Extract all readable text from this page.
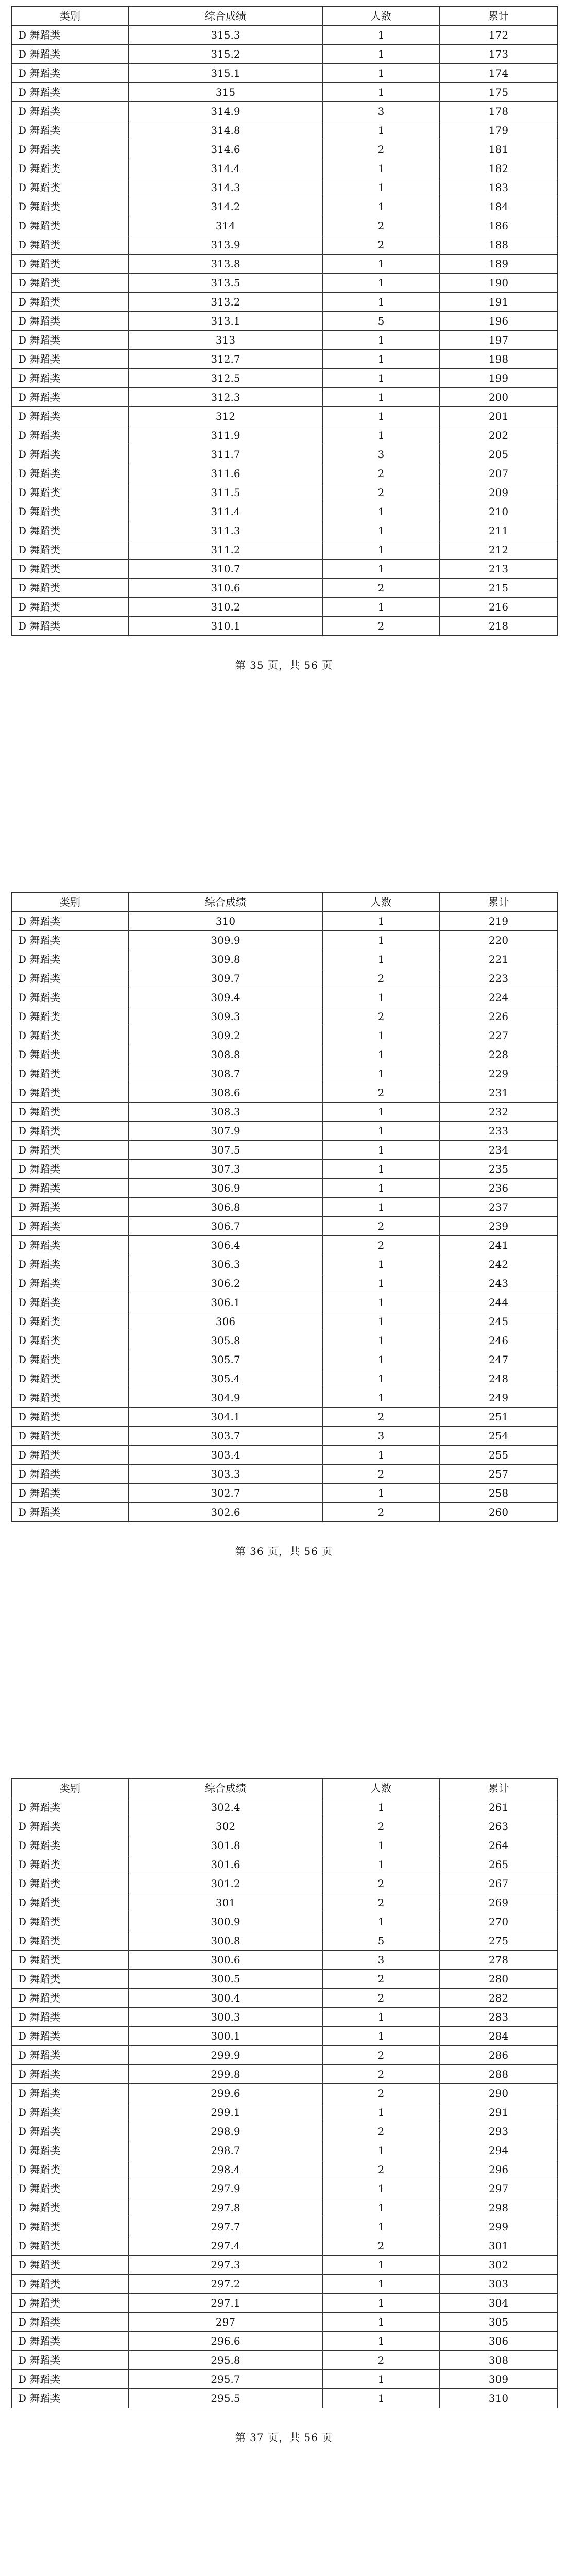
类别	综合成绩	人数	累计
D 舞蹈类	315.3	1	172
D 舞蹈类	315.2	1	173
D 舞蹈类	315.1	1	174
D 舞蹈类	315	1	175
D 舞蹈类	314.9	3	178
D 舞蹈类	314.8	1	179
D 舞蹈类	314.6	2	181
D 舞蹈类	314.4	1	182
D 舞蹈类	314.3	1	183
D 舞蹈类	314.2	1	184
D 舞蹈类	314	2	186
D 舞蹈类	313.9	2	188
D 舞蹈类	313.8	1	189
D 舞蹈类	313.5	1	190
D 舞蹈类	313.2	1	191
D 舞蹈类	313.1	5	196
D 舞蹈类	313	1	197
D 舞蹈类	312.7	1	198
D 舞蹈类	312.5	1	199
D 舞蹈类	312.3	1	200
D 舞蹈类	312	1	201
D 舞蹈类	311.9	1	202
D 舞蹈类	311.7	3	205
D 舞蹈类	311.6	2	207
D 舞蹈类	311.5	2	209
D 舞蹈类	311.4	1	210
D 舞蹈类	311.3	1	211
D 舞蹈类	311.2	1	212
D 舞蹈类	310.7	1	213
D 舞蹈类	310.6	2	215
D 舞蹈类	310.2	1	216
D 舞蹈类	310.1	2	218
第 35 页，共 56 页
类别	综合成绩	人数	累计
D 舞蹈类	310	1	219
D 舞蹈类	309.9	1	220
D 舞蹈类	309.8	1	221
D 舞蹈类	309.7	2	223
D 舞蹈类	309.4	1	224
D 舞蹈类	309.3	2	226
D 舞蹈类	309.2	1	227
D 舞蹈类	308.8	1	228
D 舞蹈类	308.7	1	229
D 舞蹈类	308.6	2	231
D 舞蹈类	308.3	1	232
D 舞蹈类	307.9	1	233
D 舞蹈类	307.5	1	234
D 舞蹈类	307.3	1	235
D 舞蹈类	306.9	1	236
D 舞蹈类	306.8	1	237
D 舞蹈类	306.7	2	239
D 舞蹈类	306.4	2	241
D 舞蹈类	306.3	1	242
D 舞蹈类	306.2	1	243
D 舞蹈类	306.1	1	244
D 舞蹈类	306	1	245
D 舞蹈类	305.8	1	246
D 舞蹈类	305.7	1	247
D 舞蹈类	305.4	1	248
D 舞蹈类	304.9	1	249
D 舞蹈类	304.1	2	251
D 舞蹈类	303.7	3	254
D 舞蹈类	303.4	1	255
D 舞蹈类	303.3	2	257
D 舞蹈类	302.7	1	258
D 舞蹈类	302.6	2	260
第 36 页，共 56 页
类别	综合成绩	人数	累计
D 舞蹈类	302.4	1	261
D 舞蹈类	302	2	263
D 舞蹈类	301.8	1	264
D 舞蹈类	301.6	1	265
D 舞蹈类	301.2	2	267
D 舞蹈类	301	2	269
D 舞蹈类	300.9	1	270
D 舞蹈类	300.8	5	275
D 舞蹈类	300.6	3	278
D 舞蹈类	300.5	2	280
D 舞蹈类	300.4	2	282
D 舞蹈类	300.3	1	283
D 舞蹈类	300.1	1	284
D 舞蹈类	299.9	2	286
D 舞蹈类	299.8	2	288
D 舞蹈类	299.6	2	290
D 舞蹈类	299.1	1	291
D 舞蹈类	298.9	2	293
D 舞蹈类	298.7	1	294
D 舞蹈类	298.4	2	296
D 舞蹈类	297.9	1	297
D 舞蹈类	297.8	1	298
D 舞蹈类	297.7	1	299
D 舞蹈类	297.4	2	301
D 舞蹈类	297.3	1	302
D 舞蹈类	297.2	1	303
D 舞蹈类	297.1	1	304
D 舞蹈类	297	1	305
D 舞蹈类	296.6	1	306
D 舞蹈类	295.8	2	308
D 舞蹈类	295.7	1	309
D 舞蹈类	295.5	1	310
第 37 页，共 56 页
